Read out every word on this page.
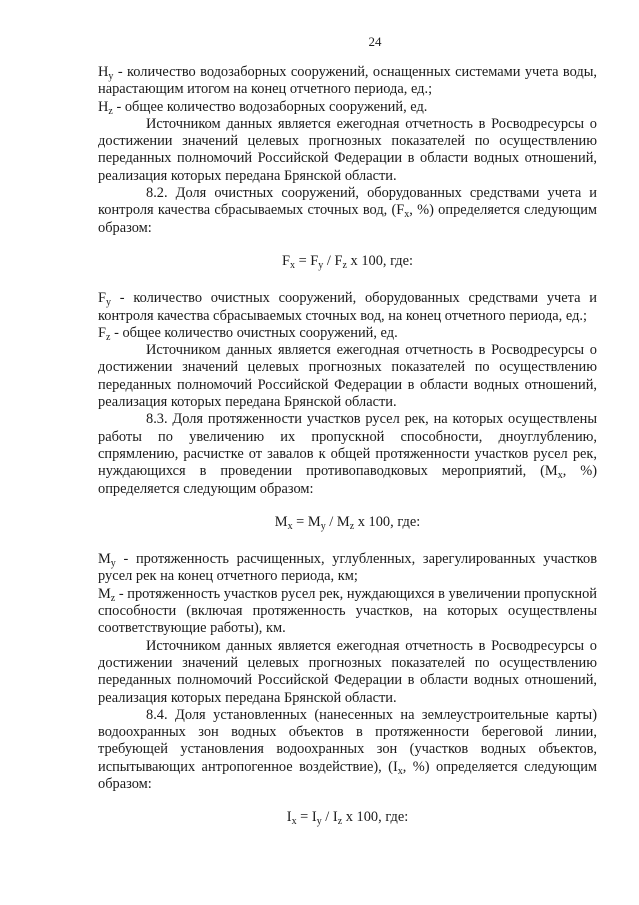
24

$H_y$ - количество водозаборных сооружений, оснащенных системами учета воды, нарастающим итогом на конец отчетного периода, ед.;

$H_z$ - общее количество водозаборных сооружений, ед.

Источником данных является ежегодная отчетность в Росводресурсы о достижении значений целевых прогнозных показателей по осуществлению переданных полномочий Российской Федерации в области водных отношений, реализация которых передана Брянской области.

8.2. Доля очистных сооружений, оборудованных средствами учета и контроля качества сбрасываемых сточных вод, ($F_x$, %) определяется следующим образом:

$F_x = F_y / F_z$ x 100, где:

$F_y$ - количество очистных сооружений, оборудованных средствами учета и контроля качества сбрасываемых сточных вод, на конец отчетного периода, ед.;

$F_z$ - общее количество очистных сооружений, ед.

Источником данных является ежегодная отчетность в Росводресурсы о достижении значений целевых прогнозных показателей по осуществлению переданных полномочий Российской Федерации в области водных отношений, реализация которых передана Брянской области.

8.3. Доля протяженности участков русел рек, на которых осуществлены работы по увеличению их пропускной способности, дноуглублению, спрямлению, расчистке от завалов к общей протяженности участков русел рек, нуждающихся в проведении противопаводковых мероприятий, ($M_x$, %) определяется следующим образом:

$M_x = M_y / M_z$ x 100, где:

$M_y$ - протяженность расчищенных, углубленных, зарегулированных участков русел рек на конец отчетного периода, км;

$M_z$ - протяженность участков русел рек, нуждающихся в увеличении пропускной способности (включая протяженность участков, на которых осуществлены соответствующие работы), км.

Источником данных является ежегодная отчетность в Росводресурсы о достижении значений целевых прогнозных показателей по осуществлению переданных полномочий Российской Федерации в области водных отношений, реализация которых передана Брянской области.

8.4. Доля установленных (нанесенных на землеустроительные карты) водоохранных зон водных объектов в протяженности береговой линии, требующей установления водоохранных зон (участков водных объектов, испытывающих антропогенное воздействие), ($I_x$, %) определяется следующим образом:

$I_x = I_y / I_z$ x 100, где:
